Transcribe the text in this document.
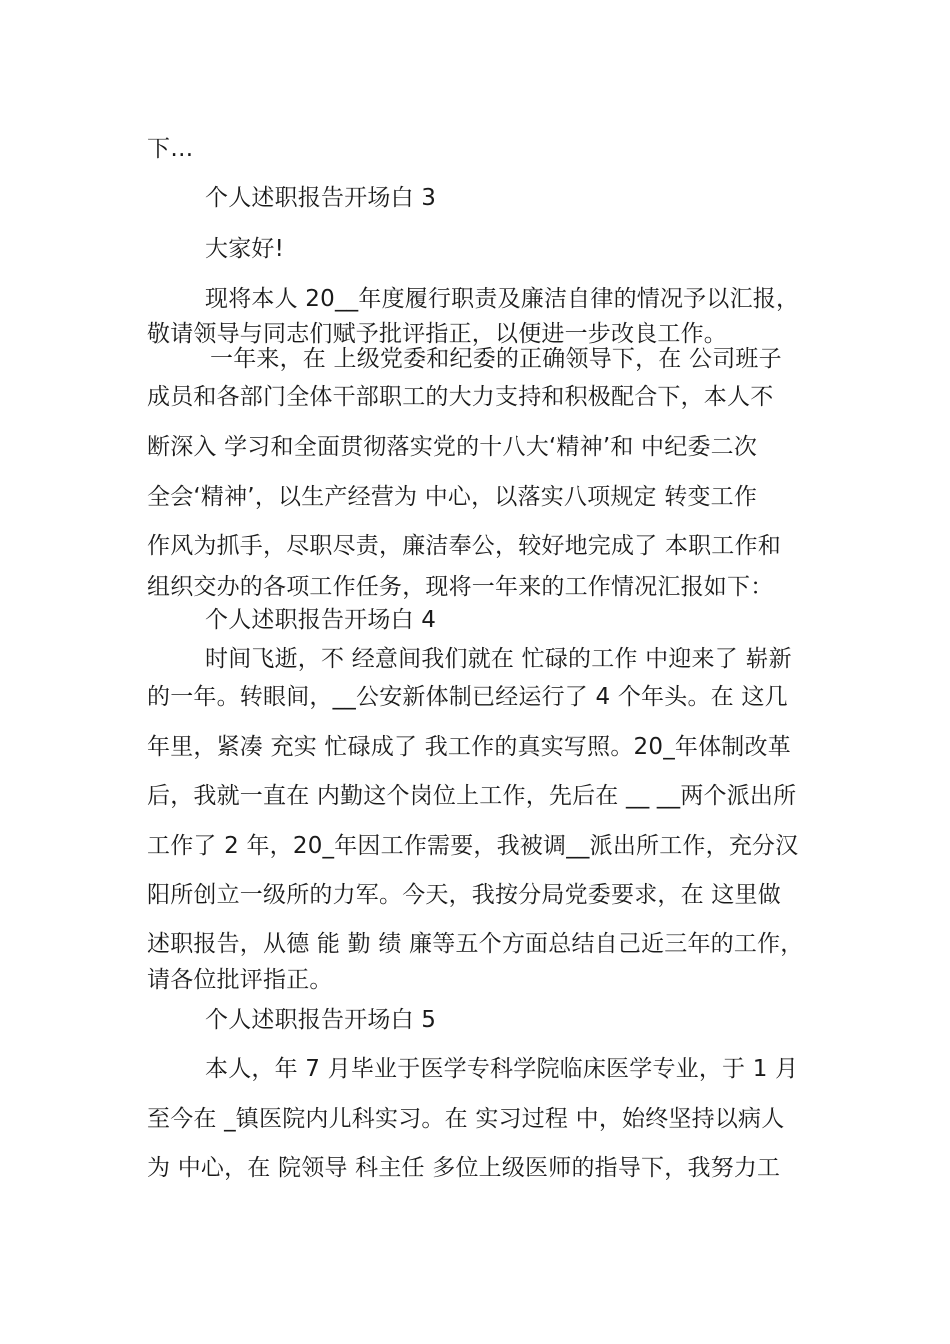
下…
个人述职报告开场白 3
大家好!
现将本人 20__年度履行职责及廉洁自律的情况予以汇报，
敬请领导与同志们赋予批评指正，以便进一步改良工作。
一年来，在 上级党委和纪委的正确领导下，在 公司班子
成员和各部门全体干部职工的大力支持和积极配合下，本人不
断深入 学习和全面贯彻落实党的十八大‘精神’和 中纪委二次
全会‘精神’，以生产经营为 中心，以落实八项规定 转变工作
作风为抓手，尽职尽责，廉洁奉公，较好地完成了 本职工作和
组织交办的各项工作任务，现将一年来的工作情况汇报如下：
个人述职报告开场白 4
时间飞逝，不 经意间我们就在 忙碌的工作 中迎来了 崭新
的一年。转眼间，__公安新体制已经运行了 4 个年头。在 这几
年里，紧凑 充实 忙碌成了 我工作的真实写照。20_年体制改革
后，我就一直在 内勤这个岗位上工作，先后在 __ __两个派出所
工作了 2 年，20_年因工作需要，我被调__派出所工作，充分汉
阳所创立一级所的力军。今天，我按分局党委要求，在 这里做
述职报告，从德 能 勤 绩 廉等五个方面总结自己近三年的工作，
请各位批评指正。
个人述职报告开场白 5
本人，年 7 月毕业于医学专科学院临床医学专业，于 1 月
至今在 _镇医院内儿科实习。在 实习过程 中，始终坚持以病人
为 中心，在 院领导 科主任 多位上级医师的指导下，我努力工
